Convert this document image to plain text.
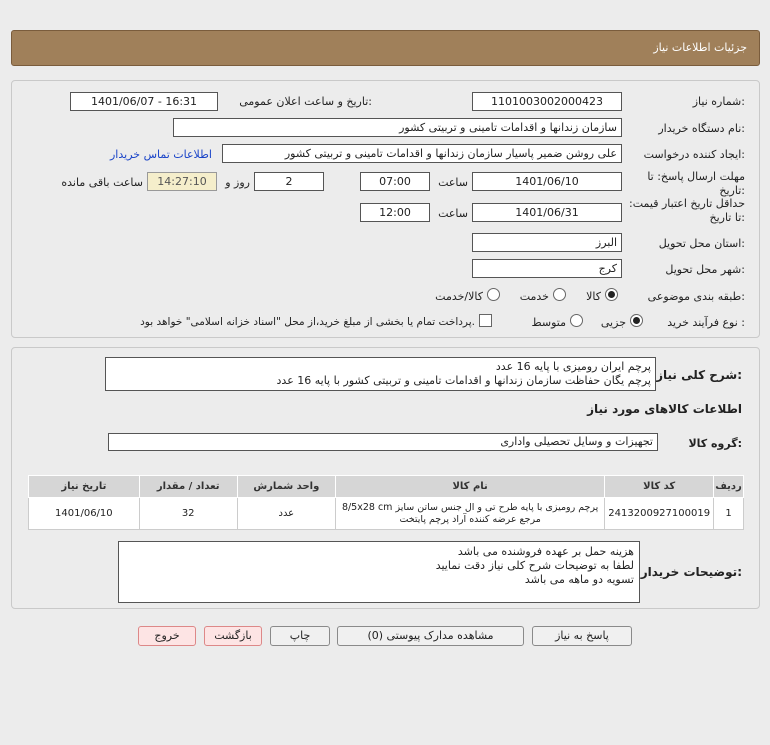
جزئیات اطلاعات نیاز
شماره نیاز:
1101003002000423
تاریخ و ساعت اعلان عمومی:
1401/06/07 - 16:31
نام دستگاه خریدار:
سازمان زندانها و اقدامات تامینی و تربیتی کشور
ایجاد کننده درخواست:
علی روشن ضمیر پاسیار سازمان زندانها و اقدامات تامینی و تربیتی کشور
اطلاعات تماس خریدار
مهلت ارسال پاسخ: تا تاریخ:
1401/06/10
ساعت
07:00
2
روز و
14:27:10
ساعت باقی مانده
حداقل تاریخ اعتبار قیمت: تا تاریخ:
1401/06/31
ساعت
12:00
استان محل تحویل:
البرز
شهر محل تحویل:
کرج
طبقه بندی موضوعی:
کالا
خدمت
کالا/خدمت
نوع فرآیند خرید :
جزیی
متوسط
پرداخت تمام یا بخشی از مبلغ خرید،از محل "اسناد خزانه اسلامی" خواهد بود.
شرح کلی نیاز:
پرچم ایران رومیزی با پایه 16 عدد
پرچم یگان حفاظت سازمان زندانها و اقدامات تامینی و تربیتی کشور با پایه 16 عدد
اطلاعات کالاهای مورد نیاز
گروه کالا:
تجهیزات و وسایل تحصیلی واداری
ردیف	کد کالا	نام کالا	واحد شمارش	تعداد / مقدار	تاریخ نیاز
1	2413200927100019	پرچم رومیزی با پایه طرح تی و ال جنس ساتن سایز 8/5x28 cm مرجع عرضه کننده آراد پرچم پایتخت	عدد	32	1401/06/10
توضیحات خریدار:
هزینه حمل بر عهده فروشنده می باشد
لطفا به توضیحات شرح کلی نیاز دقت نمایید
تسویه دو ماهه می باشد
پاسخ به نیاز
مشاهده مدارک پیوستی (0)
چاپ
بازگشت
خروج
